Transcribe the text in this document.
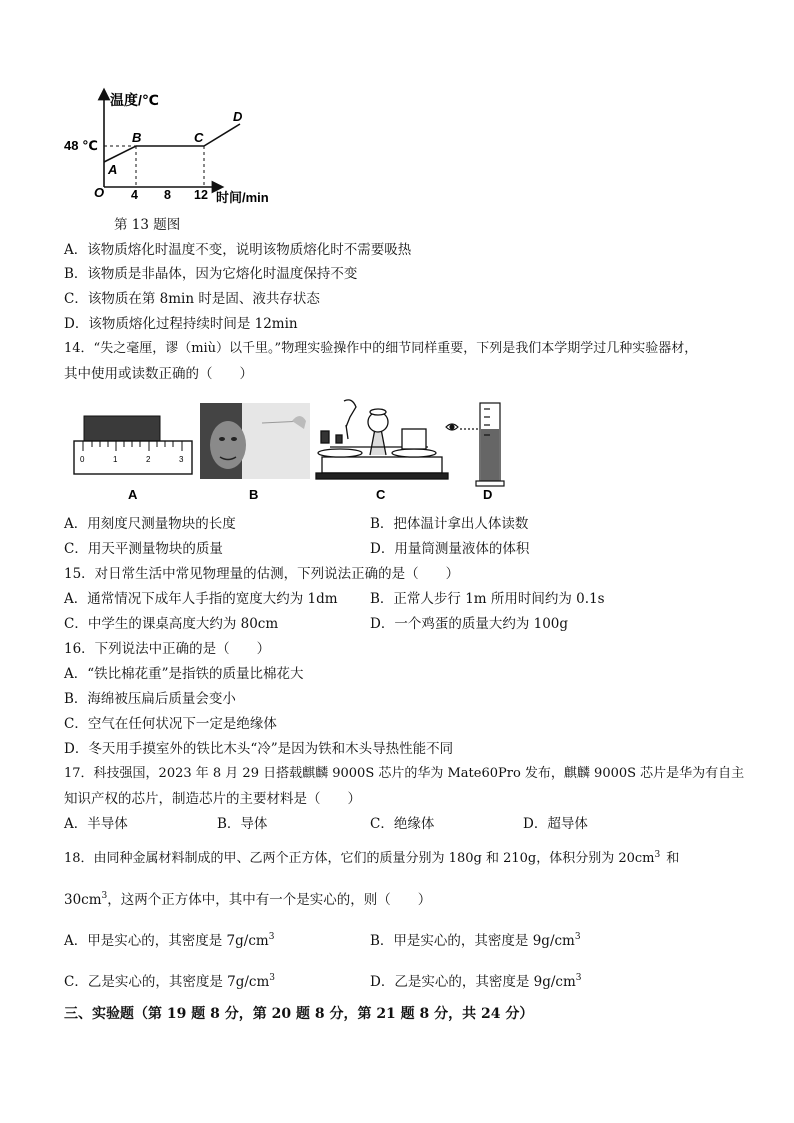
温度/℃
48 ℃
O
A
B	C
D
4 8 12 时间/min
第 13 题图
A．该物质熔化时温度不变，说明该物质熔化时不需要吸热
B．该物质是非晶体，因为它熔化时温度保持不变
C．该物质在第 8min 时是固、液共存状态
D．该物质熔化过程持续时间是 12min
14．“失之毫厘，谬（miù）以千里。”物理实验操作中的细节同样重要，下列是我们本学期学过几种实验器材，
其中使用或读数正确的（　　）
0	1	2	3
A	B	C	D
A．用刻度尺测量物块的长度	B．把体温计拿出人体读数
C．用天平测量物块的质量	D．用量筒测量液体的体积
15．对日常生活中常见物理量的估测，下列说法正确的是（　　）
A．通常情况下成年人手指的宽度大约为 1dm B．正常人步行 1m 所用时间约为 0.1s
C．中学生的课桌高度大约为 80cm	D．一个鸡蛋的质量大约为 100g
16．下列说法中正确的是（　　）
A．“铁比棉花重”是指铁的质量比棉花大
B．海绵被压扁后质量会变小
C．空气在任何状况下一定是绝缘体
D．冬天用手摸室外的铁比木头“冷”是因为铁和木头导热性能不同
17．科技强国，2023 年 8 月 29 日搭载麒麟 9000S 芯片的华为 Mate60Pro 发布，麒麟 9000S 芯片是华为有自主
知识产权的芯片，制造芯片的主要材料是（　　）
A．半导体	B．导体	C．绝缘体	D．超导体
18．由同种金属材料制成的甲、乙两个正方体，它们的质量分别为 180g 和 210g，体积分别为 $20cm^3$ 和
$30cm^3$，这两个正方体中，其中有一个是实心的，则（　　）
A．甲是实心的，其密度是 $7g/cm^3$	B．甲是实心的，其密度是 $9g/cm^3$
C．乙是实心的，其密度是 $7g/cm^3$	D．乙是实心的，其密度是 $9g/cm^3$
三、实验题（第 19 题 8 分，第 20 题 8 分，第 21 题 8 分，共 24 分）
